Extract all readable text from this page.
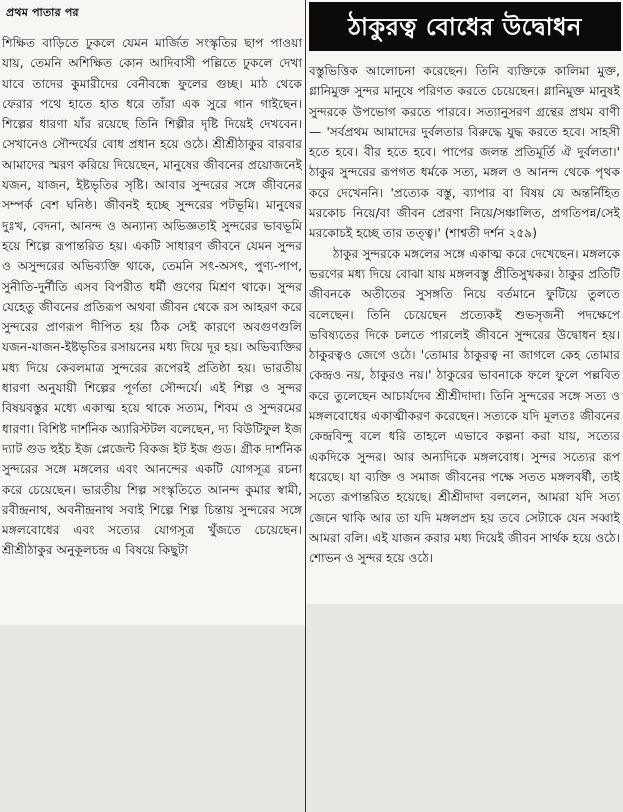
প্রথম পাতার পর

শিক্ষিত বাড়িতে ঢুকলে যেমন মার্জিত সংস্কৃতির ছাপ পাওয়া যায়, তেমনি অশিক্ষিত কোন আদিবাসী পল্লিতে ঢুকলে দেখা যাবে তাদের কুমারীদের বেনীবন্ধে ফুলের গুচ্ছ। মাঠ থেকে ফেরার পথে হাতে হাত ধরে তাঁরা এক সুরে গান গাইছেন। শিল্পের ধারণা যাঁর রয়েছে তিনি শিল্পীর দৃষ্টি দিয়েই দেখবেন। সেখানেও সৌন্দর্যের বোধ প্রধান হয়ে ওঠে। শ্রীশ্রীঠাকুর বারবার আমাদের স্মরণ করিয়ে দিয়েছেন, মানুষের জীবনের প্রয়োজনেই যজন, যাজন, ইষ্টভৃতির সৃষ্টি। আবার সুন্দরের সঙ্গে জীবনের সম্পর্ক বেশ ঘনিষ্ঠ। জীবনই হচ্ছে সুন্দরের পটভূমি। মানুষের দুঃখ, বেদনা, আনন্দ ও অন্যান্য অভিজ্ঞতাই সুন্দরের ভাবভূমি হয়ে শিল্পে রূপান্তরিত হয়। একটি সাধারণ জীবনে যেমন সুন্দর ও অসুন্দরের অভিব্যক্তি থাকে, তেমনি সৎ-অসৎ, পুণ্য-পাপ, সুনীতি-দুর্নীতি এসব বিপরীত ধর্মী গুণের মিশ্রণ থাকে। সুন্দর যেহেতু জীবনের প্রতিরূপ অথবা জীবন থেকে রস আহরণ করে সুন্দরের প্রাণরূপ দীপিত হয় ঠিক সেই কারণে অবগুণগুলি যজন-যাজন-ইষ্টভৃতির রসায়নের মধ্য দিয়ে দূর হয়। অভিব্যক্তির মধ্য দিয়ে কেবলমাত্র সুন্দরের রূপেরই প্রতিষ্ঠা হয়। ভারতীয় ধারণা অনুযায়ী শিল্পের পূর্ণতা সৌন্দর্যে। এই শিল্প ও সুন্দর বিষয়বস্তুর মধ্যে একাত্ম হয়ে থাকে সত্যম, শিবম ও সুন্দরমের ধারণা। বিশিষ্ট দার্শনিক অ্যারিস্টটল বলেছেন, দ্য বিউটিফুল ইজ দ্যাট গুড হুইচ ইজ প্লেজেন্ট বিকজ ইট ইজ গুড। গ্রীক দার্শনিক সুন্দরের সঙ্গে মঙ্গলের এবং আনন্দের একটি যোগসূত্র রচনা করে চেয়েছেন। ভারতীয় শিল্প সংস্কৃতিতে আনন্দ কুমার স্বামী, রবীন্দ্রনাথ, অবনীন্দ্রনাথ সবাই শিল্পে শিল্প চিন্তায় সুন্দরের সঙ্গে মঙ্গলবোধের এবং সত্যের যোগসূত্র খুঁজতে চেয়েছেন। শ্রীশ্রীঠাকুর অনুকূলচন্দ্র এ বিষয়ে কিছুটা

ঠাকুরত্ব বোধের উদ্বোধন

বস্তুভিত্তিক আলোচনা করেছেন। তিনি ব্যক্তিকে কালিমা মুক্ত, গ্লানিমুক্ত সুন্দর মানুষে পরিণত করতে চেয়েছেন। গ্লানিমুক্ত মানুষই সুন্দরকে উপভোগ করতে পারবে। সত্যানুসরণ গ্রন্থের প্রথম বাণী — 'সর্বপ্রথম আমাদের দুর্বলতার বিরুদ্ধে যুদ্ধ করতে হবে। সাহসী হতে হবে। বীর হতে হবে। পাপের জলন্ত প্রতিমূর্তি ঐ দুর্বলতা।' ঠাকুর সুন্দরের রূপগত ধর্মকে সত্য, মঙ্গল ও আনন্দ থেকে পৃথক করে দেখেননি। 'প্রত্যেক বস্তু, ব্যাপার বা বিষয় যে অন্তর্নিহিত মরকোচ নিয়ে/বা জীবন প্রেরণা নিয়ে/সঞ্চালিত, প্রগতিপন্ন/সেই মরকোচই হচ্ছে তার তত্ত্ব।' (শাশ্বতী দর্শন ২৫৯)

ঠাকুর সুন্দরকে মঙ্গলের সঙ্গে একাত্ম করে দেখেছেন। মঙ্গলকে ভরণের মধ্য দিয়ে বোঝা যায় মঙ্গলবস্তু প্রীতিসুখকর। ঠাকুর প্রতিটি জীবনকে অতীতের সুসঙ্গতি নিয়ে বর্তমানে ফুটিয়ে তুলতে বলেছেন। তিনি চেয়েছেন প্রত্যেকই শুভসৃজনী পদক্ষেপে ভবিষ্যতের দিকে চলতে পারলেই জীবনে সুন্দরের উদ্বোধন হয়। ঠাকুরত্বও জেগে ওঠে। 'তোমার ঠাকুরত্ব না জাগলে কেহ তোমার কেন্দ্রও নয়, ঠাকুরও নয়।' ঠাকুরের ভাবনাকে ফলে ফুলে পল্লবিত করে তুলেছেন আচার্যদেব শ্রীশ্রীদাদা। তিনি সুন্দরের সঙ্গে সত্য ও মঙ্গলবোধের একাত্মীকরণ করেছেন। সত্যকে যদি মূলতঃ জীবনের কেন্দ্রবিন্দু বলে ধরি তাহলে এভাবে কল্পনা করা যায়, সত্যের একদিকে সুন্দর। আর অন্যদিকে মঙ্গলবোধ। সুন্দর সত্যের রূপ ধরেছে। যা ব্যক্তি ও সমাজ জীবনের পক্ষে সতত মঙ্গলবর্ষী, তাই সত্যে রূপান্তরিত হয়েছে। শ্রীশ্রীদাদা বললেন, আমরা যদি সত্য জেনে থাকি আর তা যদি মঙ্গলপ্রদ হয় তবে সেটাকে যেন সব্বাই আমরা বলি। এই যাজন করার মধ্য দিয়েই জীবন সার্থক হয়ে ওঠে। শোভন ও সুন্দর হয়ে ওঠে।
